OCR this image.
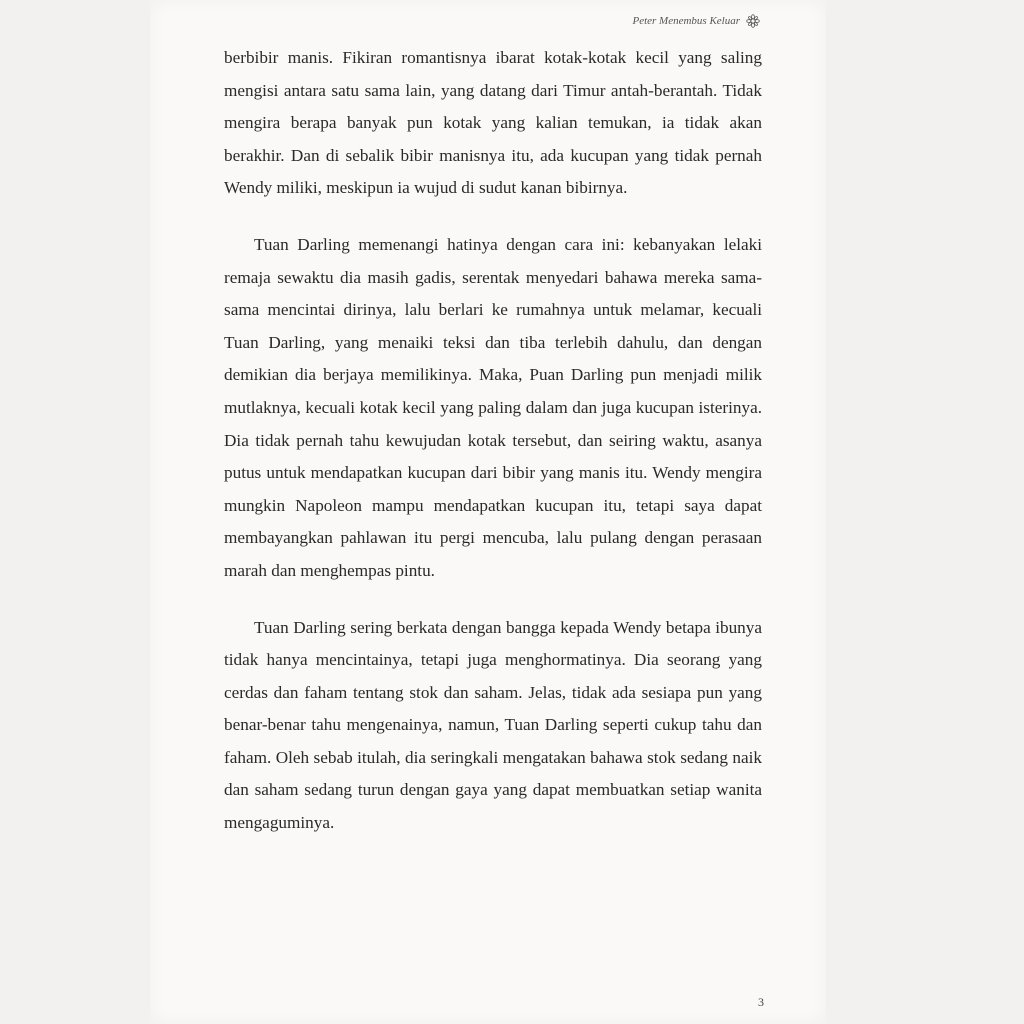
Peter Menembus Keluar

berbibir manis. Fikiran romantisnya ibarat kotak-kotak kecil yang saling mengisi antara satu sama lain, yang datang dari Timur antah-berantah. Tidak mengira berapa banyak pun kotak yang kalian temukan, ia tidak akan berakhir. Dan di sebalik bibir manisnya itu, ada kucupan yang tidak pernah Wendy miliki, meskipun ia wujud di sudut kanan bibirnya.

Tuan Darling memenangi hatinya dengan cara ini: kebanyakan lelaki remaja sewaktu dia masih gadis, serentak menyedari bahawa mereka sama-sama mencintai dirinya, lalu berlari ke rumahnya untuk melamar, kecuali Tuan Darling, yang menaiki teksi dan tiba terlebih dahulu, dan dengan demikian dia berjaya memilikinya. Maka, Puan Darling pun menjadi milik mutlaknya, kecuali kotak kecil yang paling dalam dan juga kucupan isterinya. Dia tidak pernah tahu kewujudan kotak tersebut, dan seiring waktu, asanya putus untuk mendapatkan kucupan dari bibir yang manis itu. Wendy mengira mungkin Napoleon mampu mendapatkan kucupan itu, tetapi saya dapat membayangkan pahlawan itu pergi mencuba, lalu pulang dengan perasaan marah dan menghempas pintu.

Tuan Darling sering berkata dengan bangga kepada Wendy betapa ibunya tidak hanya mencintainya, tetapi juga menghormatinya. Dia seorang yang cerdas dan faham tentang stok dan saham. Jelas, tidak ada sesiapa pun yang benar-benar tahu mengenainya, namun, Tuan Darling seperti cukup tahu dan faham. Oleh sebab itulah, dia seringkali mengatakan bahawa stok sedang naik dan saham sedang turun dengan gaya yang dapat membuatkan setiap wanita mengaguminya.

3
